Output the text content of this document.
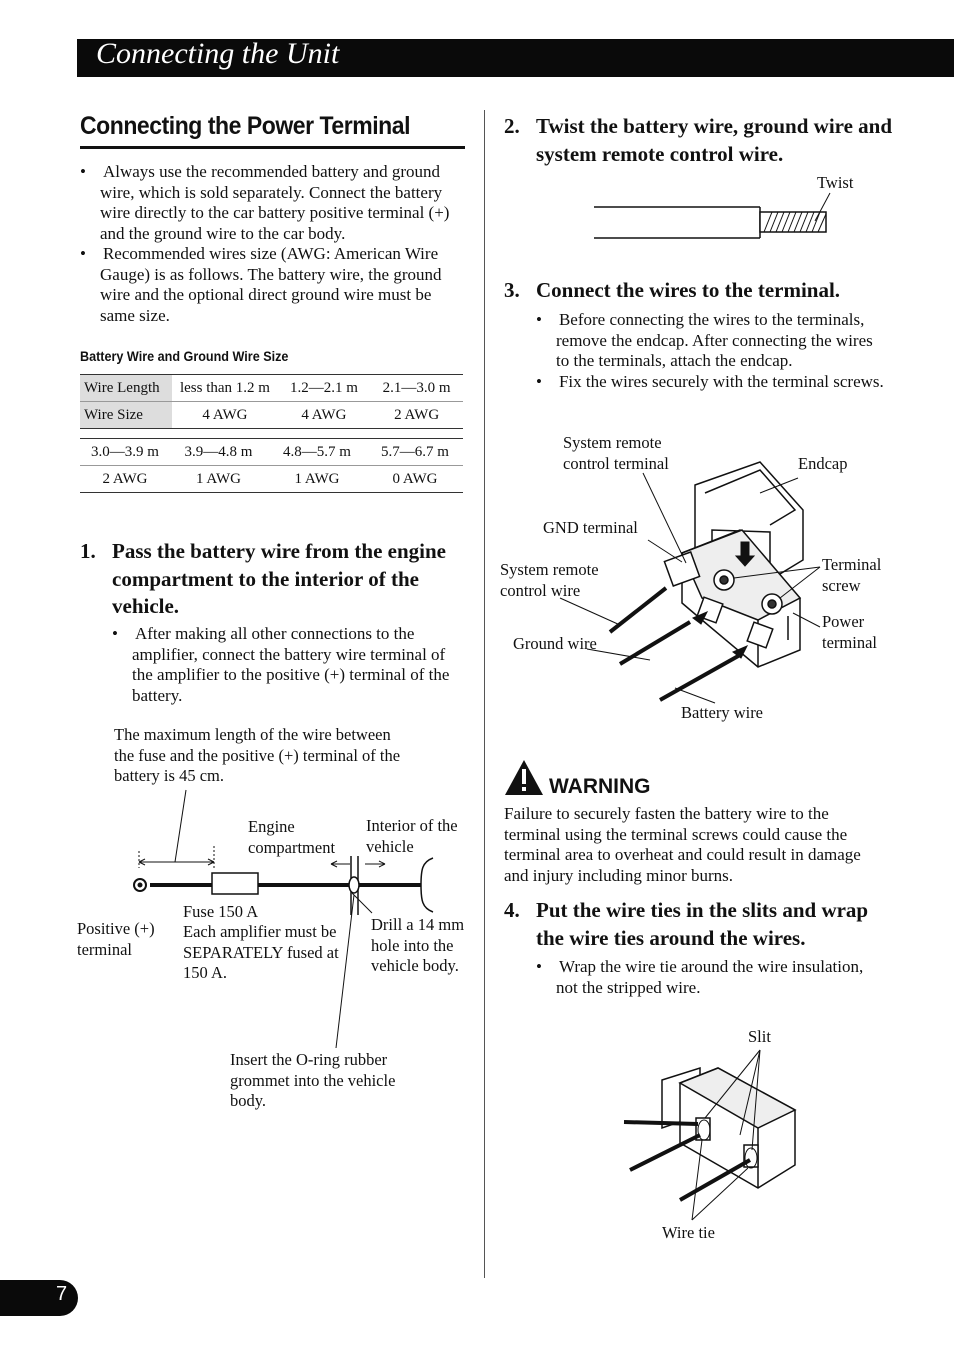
Connecting the Unit
Connecting the Power Terminal
•    Always use the recommended battery and ground wire, which is sold separately. Connect the battery wire directly to the car battery positive terminal (+) and the ground wire to the car body.
•    Recommended wires size (AWG: American Wire Gauge) is as follows. The battery wire, the ground wire and the optional direct ground wire must be same size.
Battery Wire and Ground Wire Size
Wire Length	less than 1.2 m	1.2—2.1 m	2.1—3.0 m
Wire Size	4 AWG	4 AWG	2 AWG
3.0—3.9 m	3.9—4.8 m	4.8—5.7 m	5.7—6.7 m
2 AWG	1 AWG	1 AWG	0 AWG
1. Pass the battery wire from the engine compartment to the interior of the vehicle.
•    After making all other connections to the amplifier, connect the battery wire terminal of the amplifier to the positive (+) terminal of the battery.
The maximum length of the wire between the fuse and the positive (+) terminal of the battery is 45 cm.
Engine compartment
Interior of the vehicle
Positive (+) terminal
Fuse 150 A
Each amplifier must be SEPARATELY fused at 150 A.
Drill a 14 mm hole into the vehicle body.
Insert the O-ring rubber grommet into the vehicle body.
2. Twist the battery wire, ground wire and system remote control wire.
Twist
3. Connect the wires to the terminal.
•    Before connecting the wires to the terminals, remove the endcap. After connecting the wires to the terminals, attach the endcap.
•    Fix the wires securely with the terminal screws.
System remote control terminal	Endcap
GND terminal
System remote control wire
Terminal screw
Ground wire
Power terminal
Battery wire
WARNING
Failure to securely fasten the battery wire to the terminal using the terminal screws could cause the terminal area to overheat and could result in damage and injury including minor burns.
4. Put the wire ties in the slits and wrap the wire ties around the wires.
•    Wrap the wire tie around the wire insulation, not the stripped wire.
Slit
Wire tie
7
